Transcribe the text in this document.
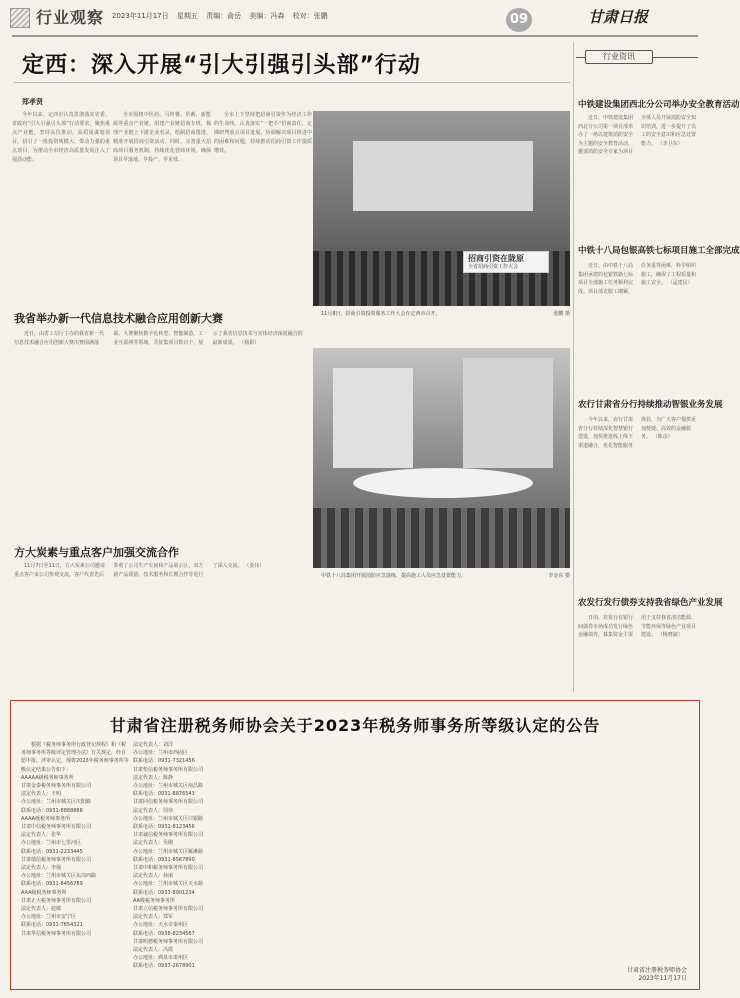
行业观察 2023年11月17日 星期五 责编：俞岳 美编：冯森 校对：张鹏	09	甘肃日报
定西：深入开展“引大引强引头部”行动
郑孝贤
今年以来，定西市认真贯彻落实省委、省政府“引大引强引头部”行动要求，聚焦重点产业链，坚持高位推动，高质量谋划项目，招引了一批投资规模大、带动力强的重点项目，为推动全市经济高质量发展注入了强劲动能。
全市围绕中医药、马铃薯、草畜、新能源等重点产业链，组建产业链招商专班，梳理产业链上下游企业名录，绘制招商图谱，精准开展招商引资活动。同时，完善重大招商项目服务机制，持续优化营商环境，确保项目早落地、早投产、早见效。
全市上下坚持把招商引资作为经济工作的生命线，认真落实“一把手”招商责任，定期研判重点项目进展，协调解决项目推进中的困难和问题，持续推动招商引资工作提质增效。
招商引资在陇原
全省招商引资工作大会
11月8日，招商引资投资服务工作大会在定西市召开。	张鹏 摄
我省举办新一代信息技术融合应用创新大赛
近日，由省工信厅主办的我省新一代信息技术融合应用创新大赛决赛圆满落幕。大赛聚焦数字化转型、智能制造、工业互联网等领域，共征集项目数百个，展示了我省信息技术与实体经济深度融合的最新成果。 （杨娟）
方大炭素与重点客户加强交流合作
11月7日至11日，方大炭素公司邀请重点客户来公司参观交流。客户代表先后参观了公司生产车间和产品展示区，双方就产品质量、技术服务和长期合作等进行了深入交流。 （姜伟）
中铁十八局集团开展消防应急演练，提高施工人员应急处置能力。	李金东 摄
行业资讯
中铁建设集团西北分公司举办安全教育活动
近日，中铁建设集团西北分公司第一项目部举办了一场以建筑消防安全为主题的安全教育活动，邀请消防安全专家为项目全体人员开展消防安全知识培训，进一步提升了员工的安全意识和应急处置能力。 （李卫东）
中铁十八局包银高铁七标项目施工全部完成
近日，由中铁十八局集团承建的包银铁路七标项目全部施工任务顺利完成。项目部克服工期紧、任务重等困难，科学组织施工，确保了工程质量和施工安全。 （孟建民）
农行甘肃省分行持续推动智银业务发展
今年以来，农行甘肃省分行持续深化智慧银行建设，加快推进线上线下渠道融合，优化智能服务体验，为广大客户提供更加便捷、高效的金融服务。 （陈彦）
农发行发行债券支持我省绿色产业发展
日前，农发行在银行间债券市场成功发行绿色金融债券，募集资金主要用于支持我省清洁能源、节能环保等绿色产业项目建设。 （杨晓斌）
甘肃省注册税务师协会关于2023年税务师事务所等级认定的公告
根据《税务师事务所行政登记规程》和《税务师事务所等级评定管理办法》有关规定，经自愿申报、评审认定，现将2023年税务师事务所等级认定结果公告如下：
AAAAA级税务师事务所
甘肃金泰税务师事务所有限公司
法定代表人：王明
办公地址：兰州市城关区庆阳路
联系电话：0931-8888888
AAAA级税务师事务所
甘肃中信税务师事务所有限公司
法定代表人：张华
办公地址：兰州市七里河区
联系电话：0931-2233445
甘肃瑞信税务师事务所有限公司
法定代表人：李强
办公地址：兰州市城关区东岗西路
联系电话：0931-8456789
AAA级税务师事务所
甘肃正大税务师事务所有限公司
法定代表人：赵敏
办公地址：兰州市安宁区
联系电话：0931-7654321
甘肃华信税务师事务所有限公司
法定代表人：刘洋
办公地址：兰州市西固区
联系电话：0931-7321456
甘肃恒信税务师事务所有限公司
法定代表人：陈静
办公地址：兰州市城关区南昌路
联系电话：0931-8876543
甘肃同信税务师事务所有限公司
法定代表人：周伟
办公地址：兰州市城关区白银路
联系电话：0931-8123456
甘肃诚信税务师事务所有限公司
法定代表人：吴刚
办公地址：兰州市城关区雁滩路
联系电话：0931-8567890
甘肃中和税务师事务所有限公司
法定代表人：孙丽
办公地址：兰州市城关区天水路
联系电话：0931-8901234
AA级税务师事务所
甘肃立信税务师事务所有限公司
法定代表人：郑军
办公地址：天水市秦州区
联系电话：0938-8234567
甘肃明德税务师事务所有限公司
法定代表人：冯霞
办公地址：酒泉市肃州区
联系电话：0937-2678901
甘肃省注册税务师协会
2023年11月17日
